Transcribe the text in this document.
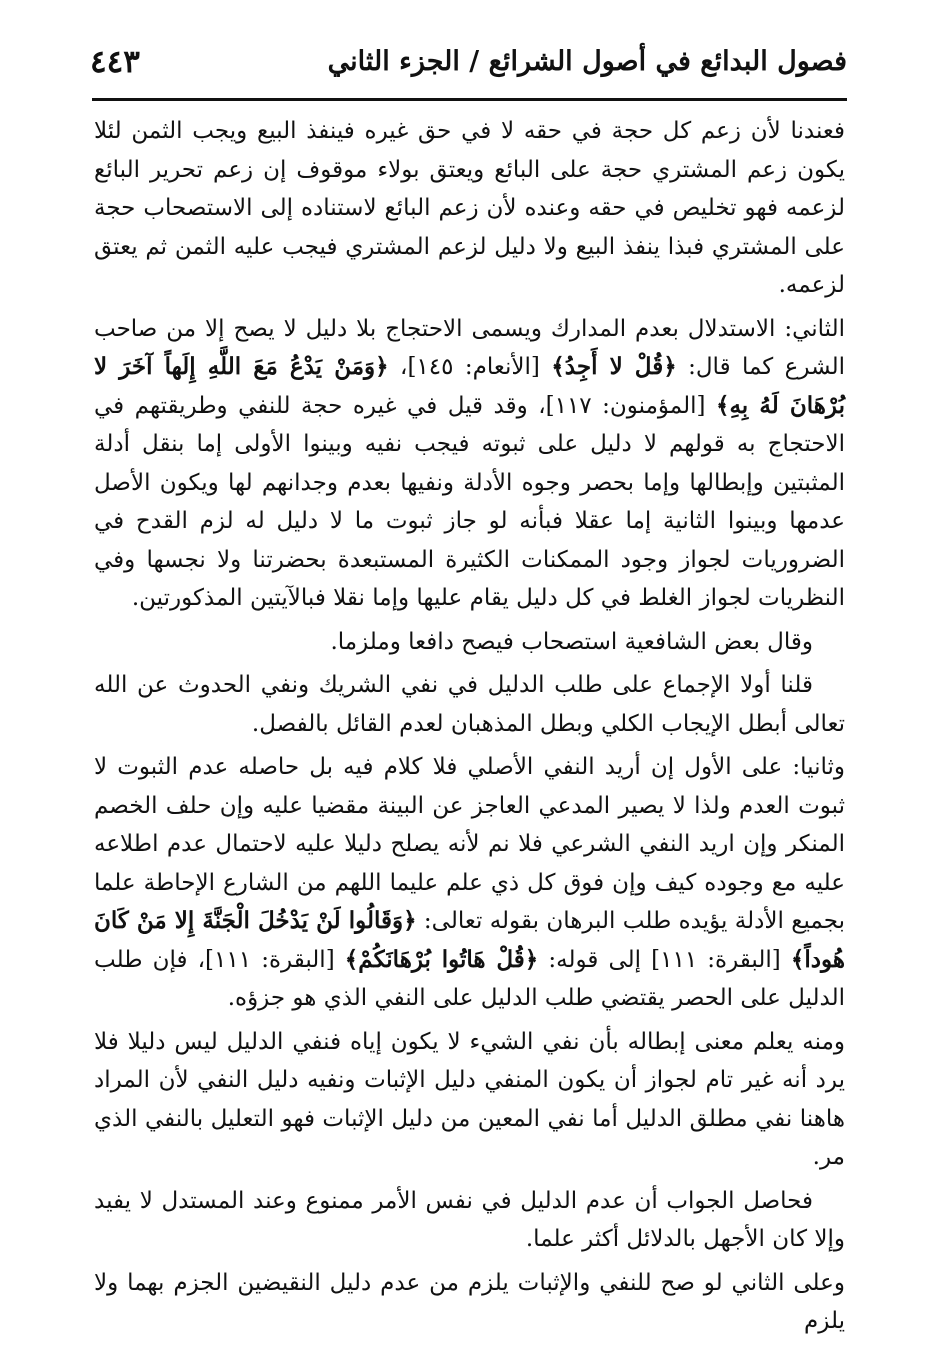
فصول البدائع في أصول الشرائع / الجزء الثاني
٤٤٣

فعندنا لأن زعم كل حجة في حقه لا في حق غيره فينفذ البيع ويجب الثمن لئلا يكون زعم المشتري حجة على البائع ويعتق بولاء موقوف إن زعم تحرير البائع لزعمه فهو تخليص في حقه وعنده لأن زعم البائع لاستناده إلى الاستصحاب حجة على المشتري فبذا ينفذ البيع ولا دليل لزعم المشتري فيجب عليه الثمن ثم يعتق لزعمه.

الثاني: الاستدلال بعدم المدارك ويسمى الاحتجاج بلا دليل لا يصح إلا من صاحب الشرع كما قال: ﴿قُلْ لا أَجِدُ﴾ [الأنعام: ١٤٥]، ﴿وَمَنْ يَدْعُ مَعَ اللَّهِ إِلَهاً آخَرَ لا بُرْهَانَ لَهُ بِهِ﴾ [المؤمنون: ١١٧]، وقد قيل في غيره حجة للنفي وطريقتهم في الاحتجاج به قولهم لا دليل على ثبوته فيجب نفيه وبينوا الأولى إما بنقل أدلة المثبتين وإبطالها وإما بحصر وجوه الأدلة ونفيها بعدم وجدانهم لها ويكون الأصل عدمها وبينوا الثانية إما عقلا فبأنه لو جاز ثبوت ما لا دليل له لزم القدح في الضروريات لجواز وجود الممكنات الكثيرة المستبعدة بحضرتنا ولا نجسها وفي النظريات لجواز الغلط في كل دليل يقام عليها وإما نقلا فبالآيتين المذكورتين.

وقال بعض الشافعية استصحاب فيصح دافعا وملزما.

قلنا أولا الإجماع على طلب الدليل في نفي الشريك ونفي الحدوث عن الله تعالى أبطل الإيجاب الكلي وبطل المذهبان لعدم القائل بالفصل.

وثانيا: على الأول إن أريد النفي الأصلي فلا كلام فيه بل حاصله عدم الثبوت لا ثبوت العدم ولذا لا يصير المدعي العاجز عن البينة مقضيا عليه وإن حلف الخصم المنكر وإن اريد النفي الشرعي فلا نم لأنه يصلح دليلا عليه لاحتمال عدم اطلاعه عليه مع وجوده كيف وإن فوق كل ذي علم عليما اللهم من الشارع الإحاطة علما بجميع الأدلة يؤيده طلب البرهان بقوله تعالى: ﴿وَقَالُوا لَنْ يَدْخُلَ الْجَنَّةَ إِلا مَنْ كَانَ هُوداً﴾ [البقرة: ١١١] إلى قوله: ﴿قُلْ هَاتُوا بُرْهَانَكُمْ﴾ [البقرة: ١١١]، فإن طلب الدليل على الحصر يقتضي طلب الدليل على النفي الذي هو جزؤه.

ومنه يعلم معنى إبطاله بأن نفي الشيء لا يكون إياه فنفي الدليل ليس دليلا فلا يرد أنه غير تام لجواز أن يكون المنفي دليل الإثبات ونفيه دليل النفي لأن المراد هاهنا نفي مطلق الدليل أما نفي المعين من دليل الإثبات فهو التعليل بالنفي الذي مر.

فحاصل الجواب أن عدم الدليل في نفس الأمر ممنوع وعند المستدل لا يفيد وإلا كان الأجهل بالدلائل أكثر علما.

وعلى الثاني لو صح للنفي والإثبات يلزم من عدم دليل النقيضين الجزم بهما ولا يلزم
